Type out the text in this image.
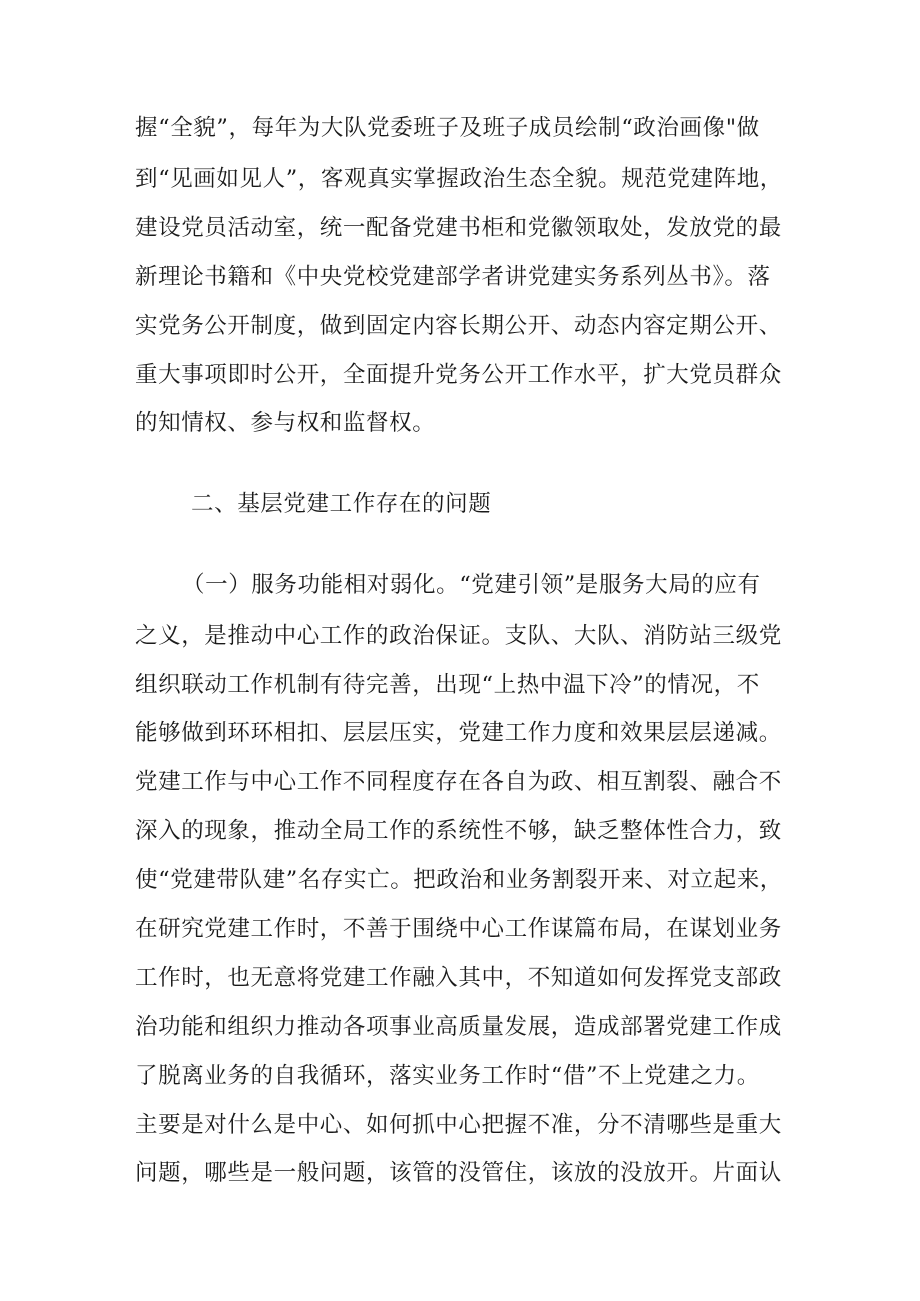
握“全貌”，每年为大队党委班子及班子成员绘制“政治画像"做
到“见画如见人”，客观真实掌握政治生态全貌。规范党建阵地，
建设党员活动室，统一配备党建书柜和党徽领取处，发放党的最
新理论书籍和《中央党校党建部学者讲党建实务系列丛书》。落
实党务公开制度，做到固定内容长期公开、动态内容定期公开、
重大事项即时公开，全面提升党务公开工作水平，扩大党员群众
的知情权、参与权和监督权。
二、基层党建工作存在的问题
（一）服务功能相对弱化。“党建引领”是服务大局的应有
之义，是推动中心工作的政治保证。支队、大队、消防站三级党
组织联动工作机制有待完善，出现“上热中温下冷”的情况，不
能够做到环环相扣、层层压实，党建工作力度和效果层层递减。
党建工作与中心工作不同程度存在各自为政、相互割裂、融合不
深入的现象，推动全局工作的系统性不够，缺乏整体性合力，致
使“党建带队建”名存实亡。把政治和业务割裂开来、对立起来，
在研究党建工作时，不善于围绕中心工作谋篇布局，在谋划业务
工作时，也无意将党建工作融入其中，不知道如何发挥党支部政
治功能和组织力推动各项事业高质量发展，造成部署党建工作成
了脱离业务的自我循环，落实业务工作时“借”不上党建之力。
主要是对什么是中心、如何抓中心把握不准，分不清哪些是重大
问题，哪些是一般问题，该管的没管住，该放的没放开。片面认
